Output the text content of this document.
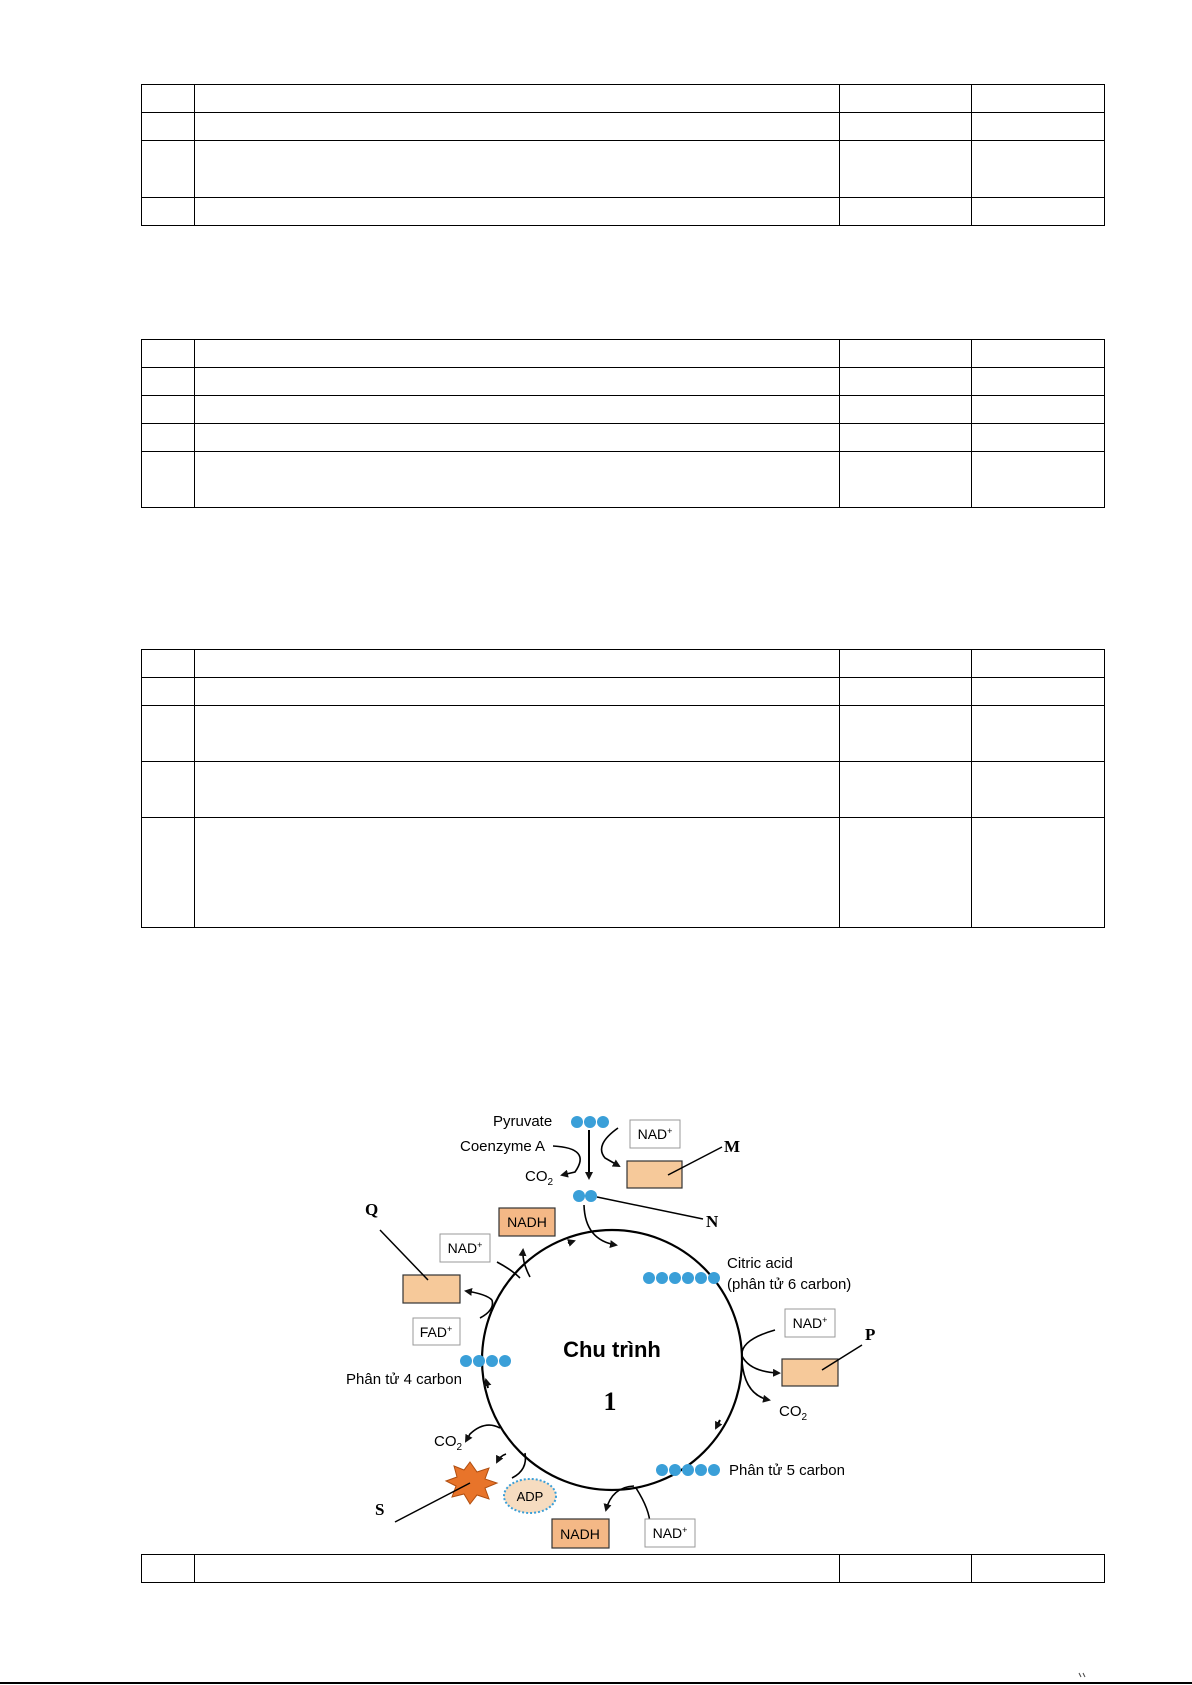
Chu trình
1
Pyruvate
Coenzyme A
$CO_2$
NAD+
M
N
Citric acid
(phân tử 6 carbon)
NAD+
P
$CO_2$
Phân tử 5 carbon
NADH	NAD+
ADP
S
$CO_2$
Phân tử 4 carbon
FAD+
Q
NAD+
NADH
